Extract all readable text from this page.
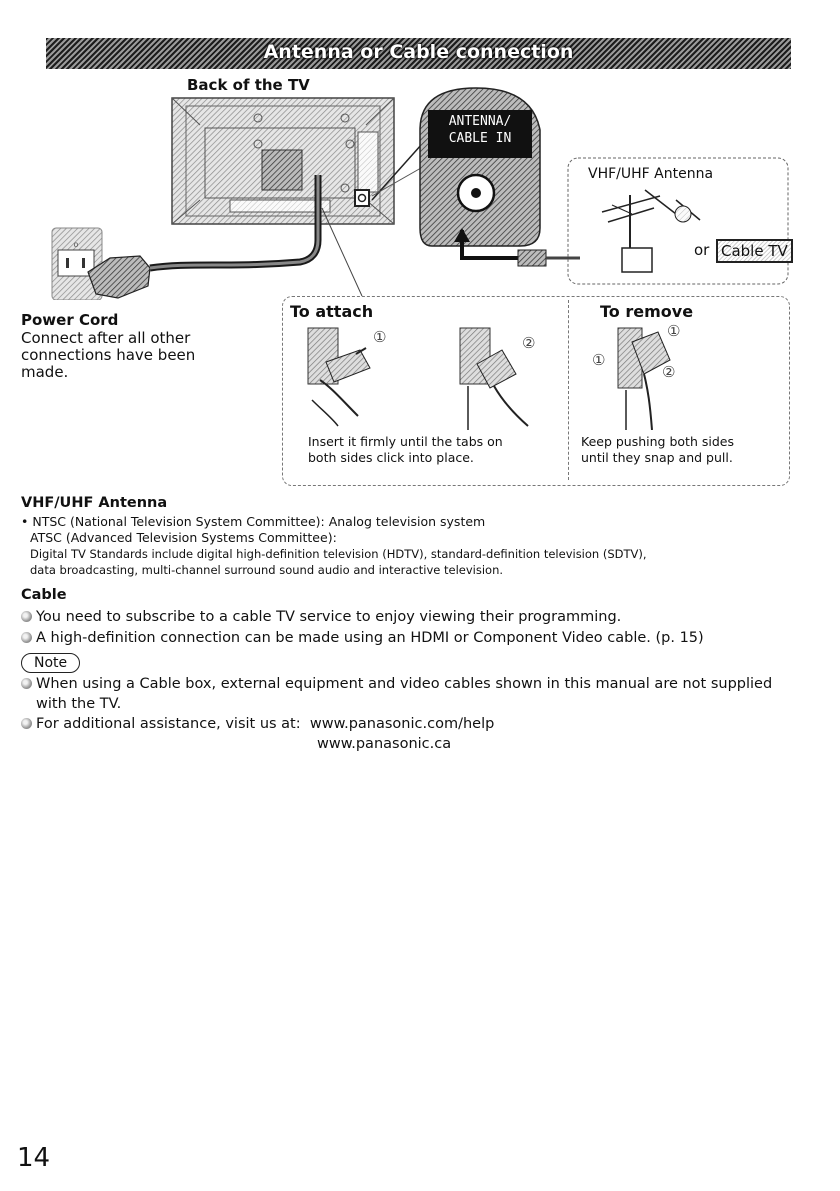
Antenna or Cable connection
Back of the TV
o
ANTENNA/
CABLE IN
VHF/UHF Antenna
or Cable TV
Power Cord
Connect after all other
connections have been
made.
To attach	To remove
①	②
①
①
②
Insert it firmly until the tabs on
both sides click into place.
Keep pushing both sides
until they snap and pull.
VHF/UHF Antenna
• NTSC (National Television System Committee): Analog television system
ATSC (Advanced Television Systems Committee):
Digital TV Standards include digital high-definition television (HDTV), standard-definition television (SDTV),
data broadcasting, multi-channel surround sound audio and interactive television.
Cable
You need to subscribe to a cable TV service to enjoy viewing their programming.
A high-definition connection can be made using an HDMI or Component Video cable. (p. 15)
Note
When using a Cable box, external equipment and video cables shown in this manual are not supplied
with the TV.
For additional assistance, visit us at: www.panasonic.com/help
www.panasonic.ca
14
